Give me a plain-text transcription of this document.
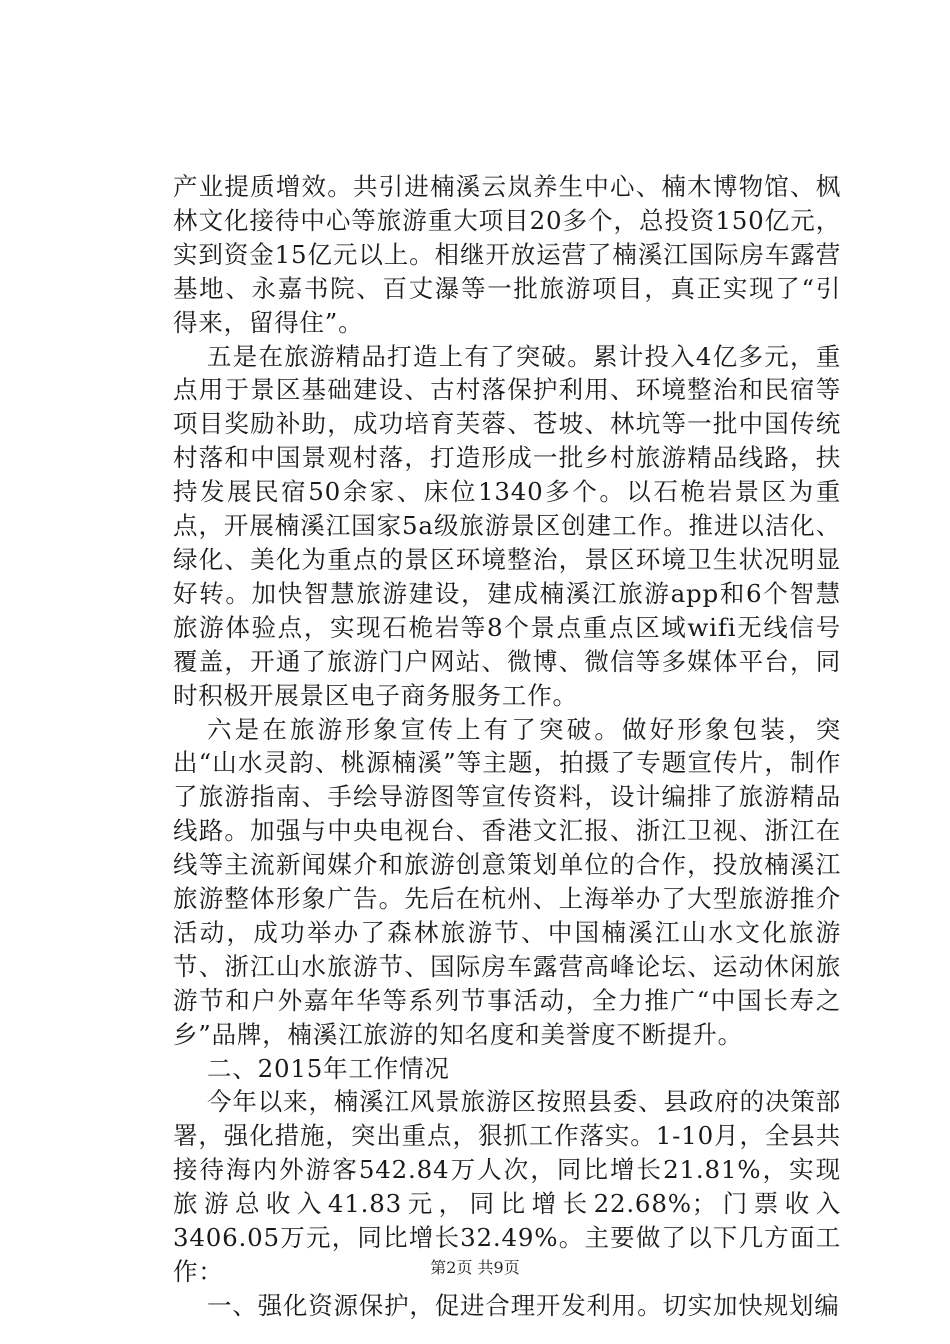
产业提质增效。共引进楠溪云岚养生中心、楠木博物馆、枫林文化接待中心等旅游重大项目20多个，总投资150亿元，实到资金15亿元以上。相继开放运营了楠溪江国际房车露营基地、永嘉书院、百丈瀑等一批旅游项目，真正实现了“引得来，留得住”。

五是在旅游精品打造上有了突破。累计投入4亿多元，重点用于景区基础建设、古村落保护利用、环境整治和民宿等项目奖励补助，成功培育芙蓉、苍坡、林坑等一批中国传统村落和中国景观村落，打造形成一批乡村旅游精品线路，扶持发展民宿50余家、床位1340多个。以石桅岩景区为重点，开展楠溪江国家5a级旅游景区创建工作。推进以洁化、绿化、美化为重点的景区环境整治，景区环境卫生状况明显好转。加快智慧旅游建设，建成楠溪江旅游app和6个智慧旅游体验点，实现石桅岩等8个景点重点区域wifi无线信号覆盖，开通了旅游门户网站、微博、微信等多媒体平台，同时积极开展景区电子商务服务工作。

六是在旅游形象宣传上有了突破。做好形象包装，突出“山水灵韵、桃源楠溪”等主题，拍摄了专题宣传片，制作了旅游指南、手绘导游图等宣传资料，设计编排了旅游精品线路。加强与中央电视台、香港文汇报、浙江卫视、浙江在线等主流新闻媒介和旅游创意策划单位的合作，投放楠溪江旅游整体形象广告。先后在杭州、上海举办了大型旅游推介活动，成功举办了森林旅游节、中国楠溪江山水文化旅游节、浙江山水旅游节、国际房车露营高峰论坛、运动休闲旅游节和户外嘉年华等系列节事活动，全力推广“中国长寿之乡”品牌，楠溪江旅游的知名度和美誉度不断提升。

二、2015年工作情况

今年以来，楠溪江风景旅游区按照县委、县政府的决策部署，强化措施，突出重点，狠抓工作落实。1-10月，全县共接待海内外游客542.84万人次，同比增长21.81%，实现旅游总收入41.83元，同比增长22.68%；门票收入3406.05万元，同比增长32.49%。主要做了以下几方面工作：

一、强化资源保护，促进合理开发利用。切实加快规划编

第2页 共9页
